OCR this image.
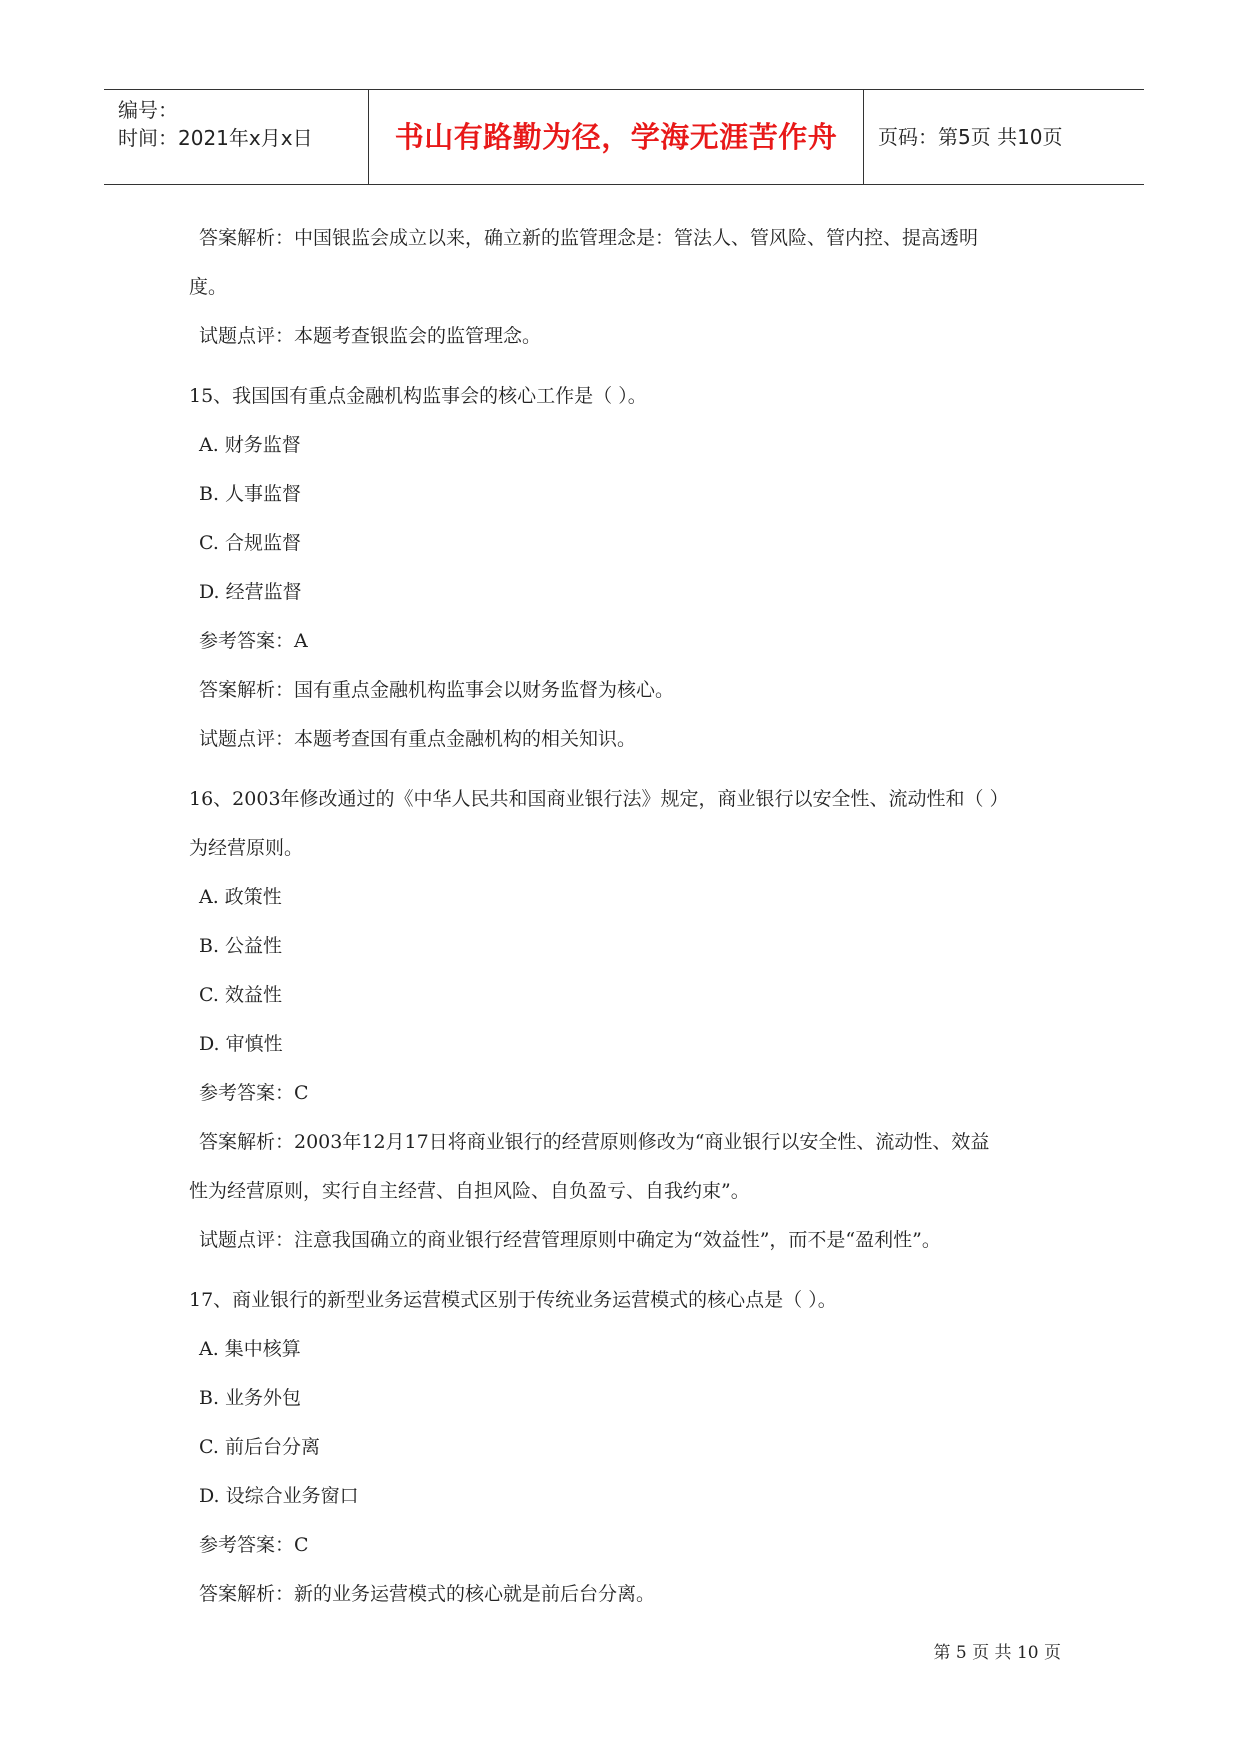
编号：
时间：2021年x月x日	书山有路勤为径，学海无涯苦作舟	页码：第5页 共10页
答案解析：中国银监会成立以来，确立新的监管理念是：管法人、管风险、管内控、提高透明
度。
试题点评：本题考查银监会的监管理念。
15、我国国有重点金融机构监事会的核心工作是（ ）。
A. 财务监督
B. 人事监督
C. 合规监督
D. 经营监督
参考答案：A
答案解析：国有重点金融机构监事会以财务监督为核心。
试题点评：本题考查国有重点金融机构的相关知识。
16、2003年修改通过的《中华人民共和国商业银行法》规定，商业银行以安全性、流动性和（ ）
为经营原则。
A. 政策性
B. 公益性
C. 效益性
D. 审慎性
参考答案：C
答案解析：2003年12月17日将商业银行的经营原则修改为“商业银行以安全性、流动性、效益
性为经营原则，实行自主经营、自担风险、自负盈亏、自我约束”。
试题点评：注意我国确立的商业银行经营管理原则中确定为“效益性”，而不是“盈利性”。
17、商业银行的新型业务运营模式区别于传统业务运营模式的核心点是（ ）。
A. 集中核算
B. 业务外包
C. 前后台分离
D. 设综合业务窗口
参考答案：C
答案解析：新的业务运营模式的核心就是前后台分离。
第 5 页 共 10 页
